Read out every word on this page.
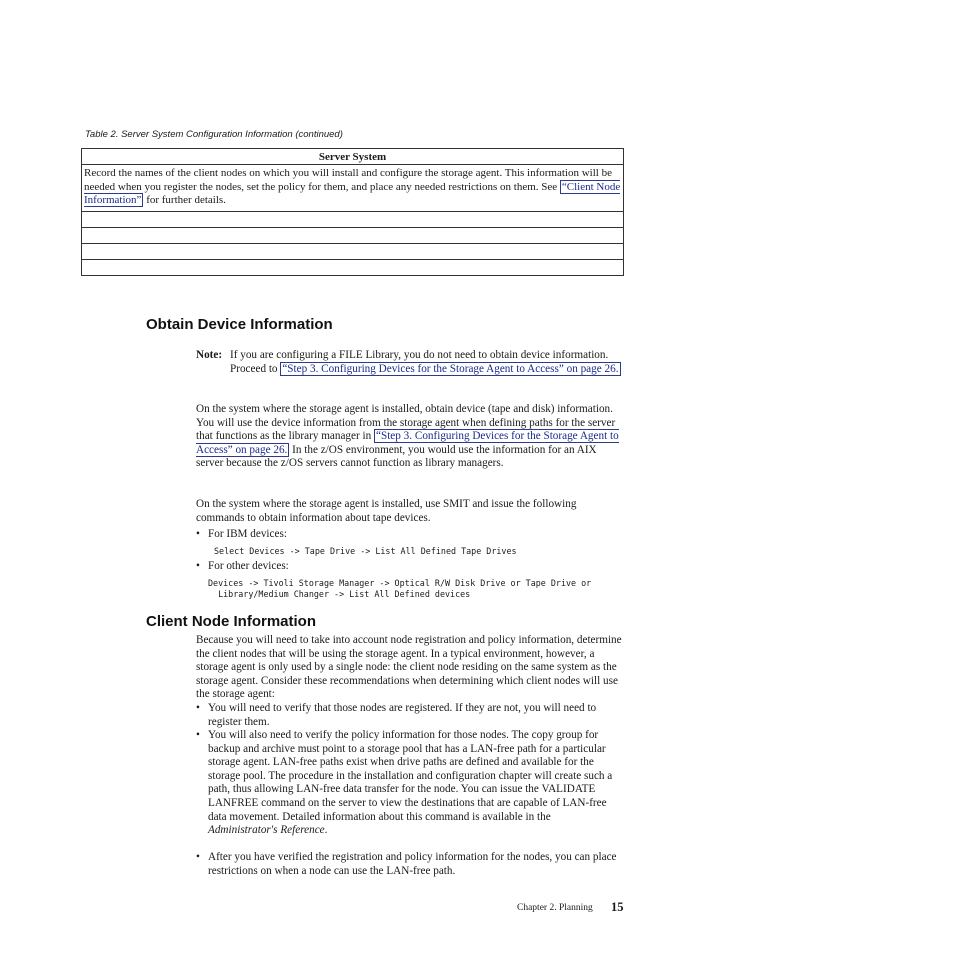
Table 2. Server System Configuration Information (continued)
Server System
Record the names of the client nodes on which you will install and configure the storage agent. This information will be needed when you register the nodes, set the policy for them, and place any needed restrictions on them. See “Client Node Information” for further details.

Obtain Device Information
Note: If you are configuring a FILE Library, you do not need to obtain device information. Proceed to “Step 3. Configuring Devices for the Storage Agent to Access” on page 26.
On the system where the storage agent is installed, obtain device (tape and disk) information. You will use the device information from the storage agent when defining paths for the server that functions as the library manager in “Step 3. Configuring Devices for the Storage Agent to Access” on page 26. In the z/OS environment, you would use the information for an AIX server because the z/OS servers cannot function as library managers.
On the system where the storage agent is installed, use SMIT and issue the following commands to obtain information about tape devices.
• For IBM devices:
Select Devices -> Tape Drive -> List All Defined Tape Drives
• For other devices:
Devices -> Tivoli Storage Manager -> Optical R/W Disk Drive or Tape Drive or
Library/Medium Changer -> List All Defined devices
Client Node Information
Because you will need to take into account node registration and policy information, determine the client nodes that will be using the storage agent. In a typical environment, however, a storage agent is only used by a single node: the client node residing on the same system as the storage agent. Consider these recommendations when determining which client nodes will use the storage agent:
• You will need to verify that those nodes are registered. If they are not, you will need to register them.
• You will also need to verify the policy information for those nodes. The copy group for backup and archive must point to a storage pool that has a LAN-free path for a particular storage agent. LAN-free paths exist when drive paths are defined and available for the storage pool. The procedure in the installation and configuration chapter will create such a path, thus allowing LAN-free data transfer for the node. You can issue the VALIDATE LANFREE command on the server to view the destinations that are capable of LAN-free data movement. Detailed information about this command is available in the Administrator's Reference.
• After you have verified the registration and policy information for the nodes, you can place restrictions on when a node can use the LAN-free path.
Chapter 2. Planning 15
